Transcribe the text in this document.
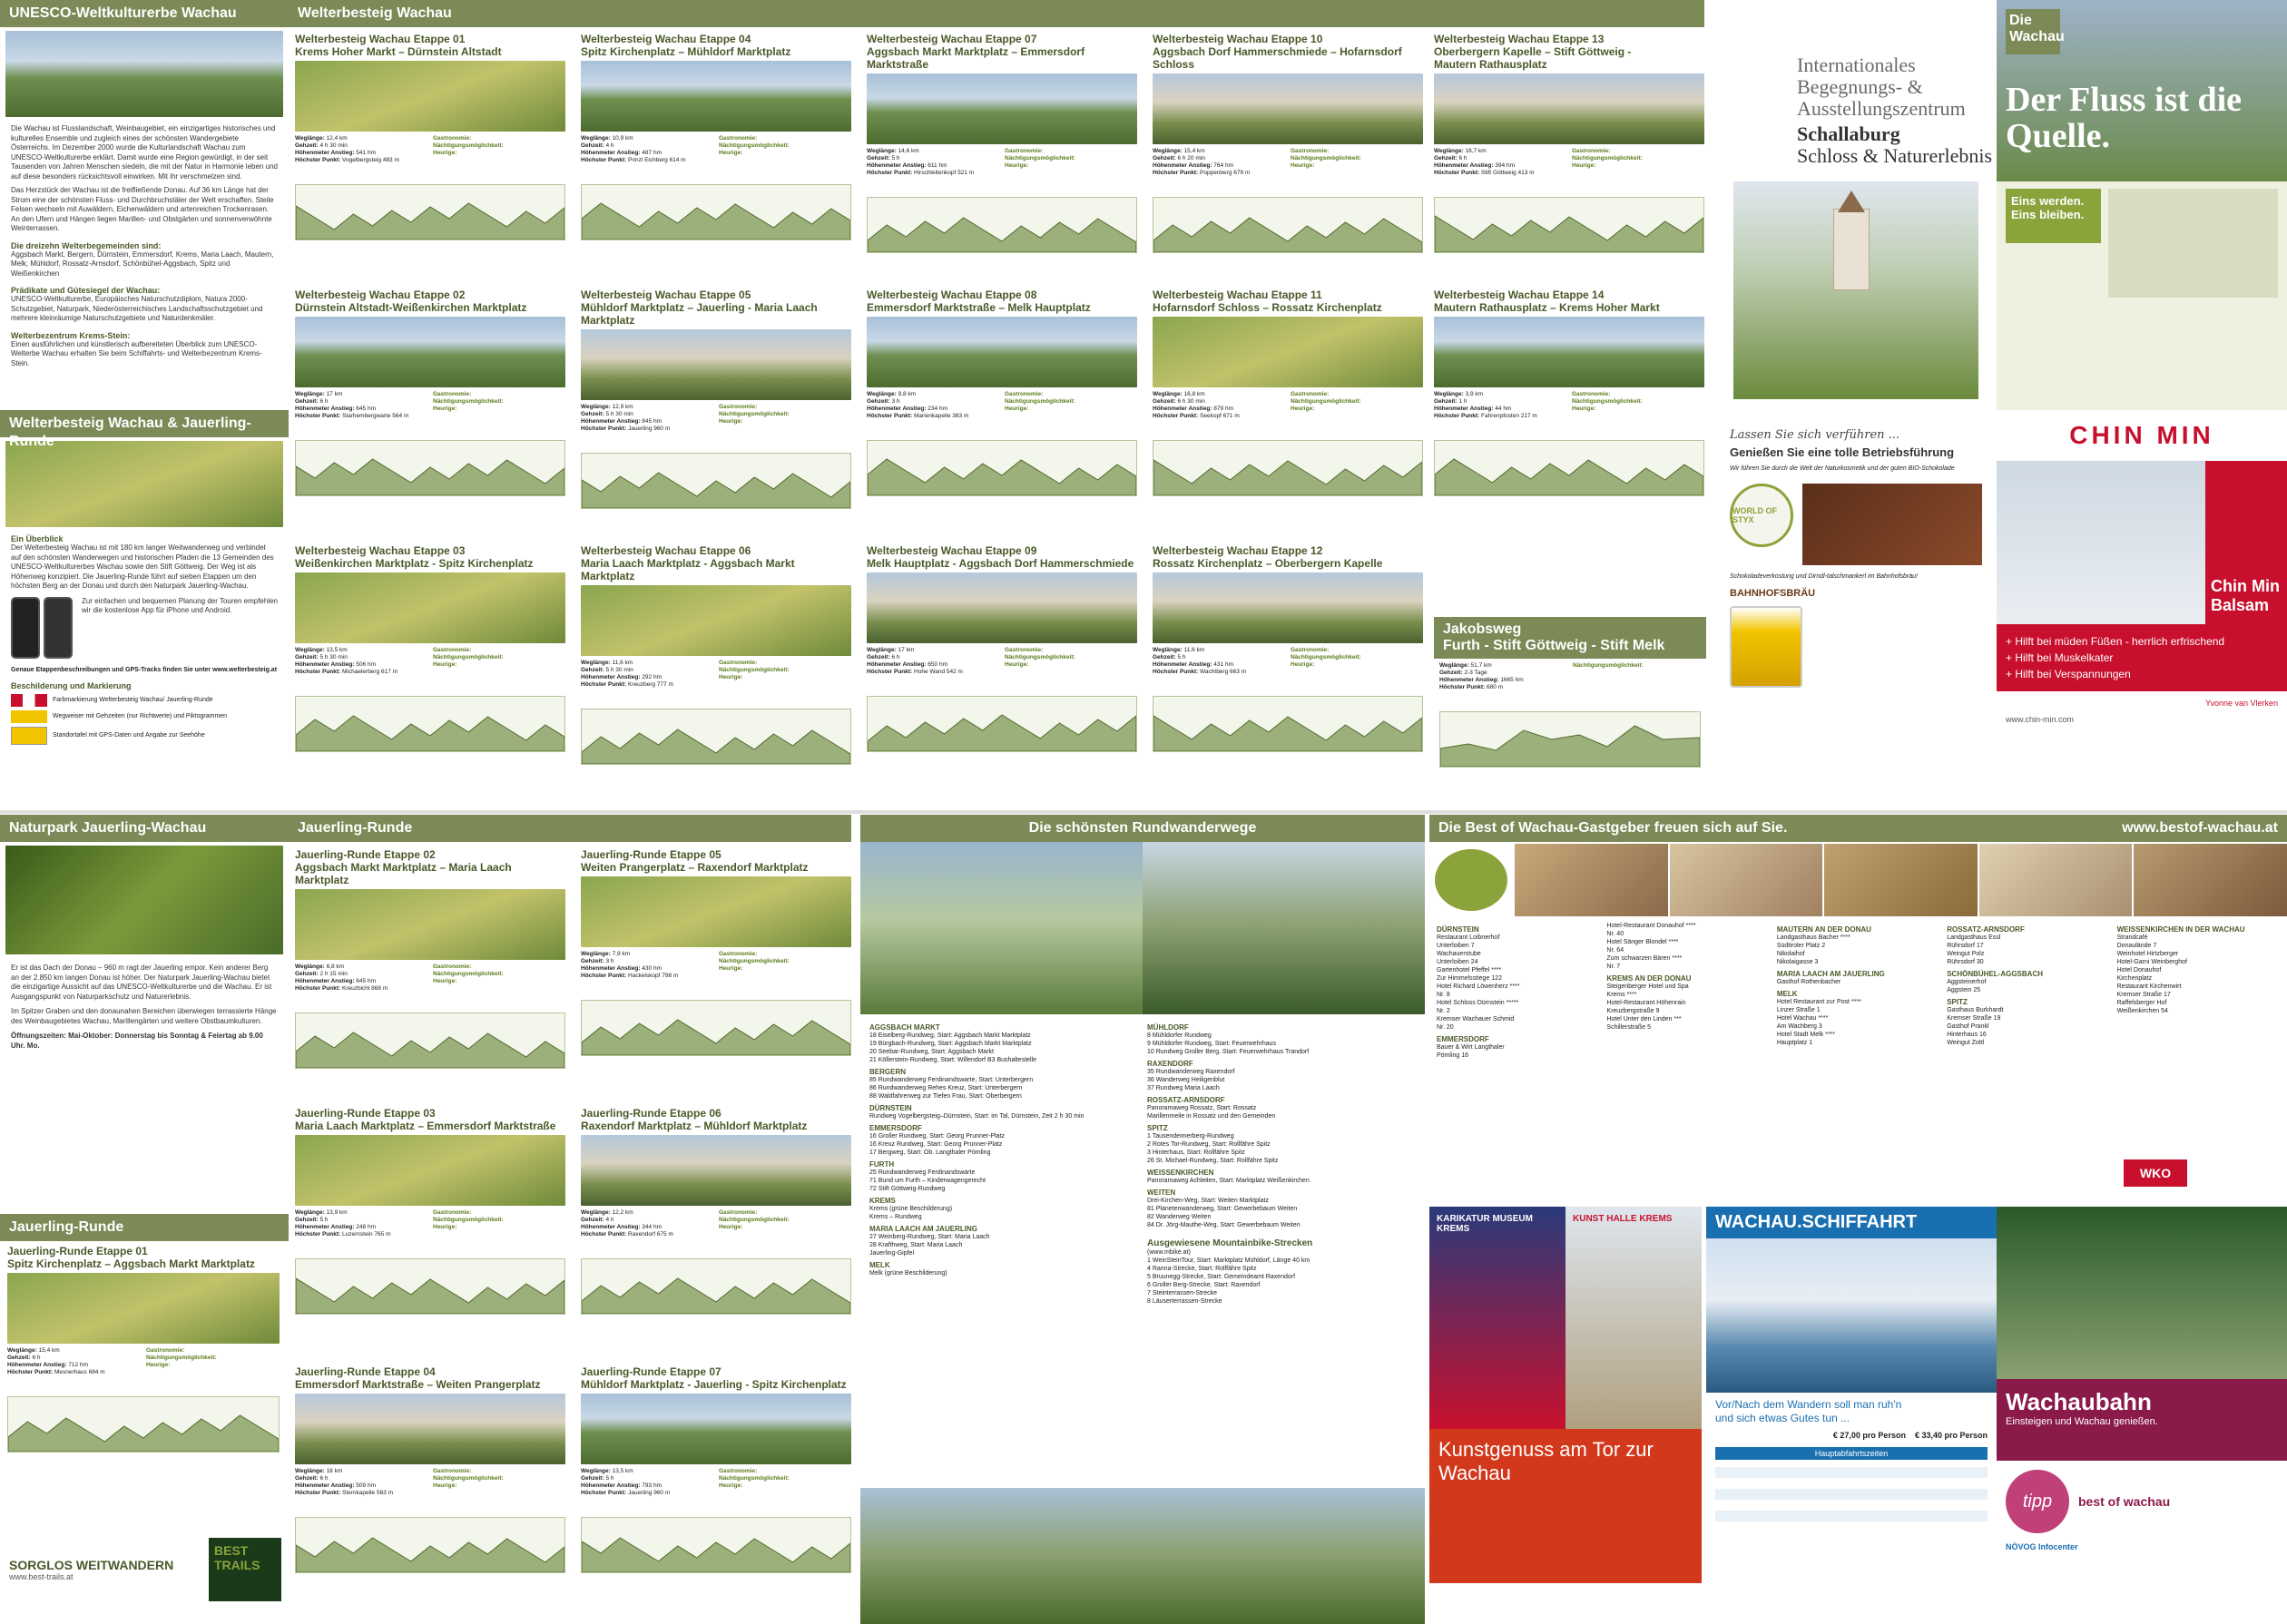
UNESCO-Weltkulturerbe Wachau

Die Wachau ist Flusslandschaft, Weinbaugebiet, ein einzigartiges historisches und kulturelles Ensemble und zugleich eines der schönsten Wandergebiete Österreichs. Im Dezember 2000 wurde die Kulturlandschaft Wachau zum UNESCO-Weltkulturerbe erklärt. Damit wurde eine Region gewürdigt, in der seit Tausenden von Jahren Menschen siedeln, die mit der Natur in Harmonie leben und auf diese besonders rücksichtsvoll einwirken. Mit ihr verschmelzen sind.

Das Herzstück der Wachau ist die freifließende Donau. Auf 36 km Länge hat der Strom eine der schönsten Fluss- und Durchbruchstäler der Welt erschaffen. Steile Felsen wechseln mit Auwäldern, Eichenwäldern und artenreichen Trockenrasen. An den Ufern und Hängen liegen Marillen- und Obstgärten und sonnenverwöhnte Weinterrassen.

Die dreizehn Welterbegemeinden sind:

Aggsbach Markt, Bergern, Dürnstein, Emmersdorf, Krems, Maria Laach, Mautern, Melk, Mühldorf, Rossatz-Arnsdorf, Schönbühel-Aggsbach, Spitz und Weißenkirchen

Prädikate und Gütesiegel der Wachau:

UNESCO-Weltkulturerbe, Europäisches Naturschutzdiplom, Natura 2000-Schutzgebiet, Naturpark, Niederösterreichisches Landschaftsschutzgebiet und mehrere kleinräumige Naturschutzgebiete und Naturdenkmäler.

Welterbezentrum Krems-Stein:

Einen ausführlichen und künstlerisch aufbereiteten Überblick zum UNESCO-Welterbe Wachau erhalten Sie beim Schiffahrts- und Welterbezentrum Krems-Stein.

Welterbesteig Wachau & Jauerling-Runde
Ein Überblick

Der Welterbesteig Wachau ist mit 180 km langer Weitwanderweg und verbindet auf den schönsten Wanderwegen und historischen Pfaden die 13 Gemeinden des UNESCO-Weltkulturerbes Wachau sowie den Stift Göttweig. Der Weg ist als Höhenweg konzipiert. Die Jauerling-Runde führt auf sieben Etappen um den höchsten Berg an der Donau und durch den Naturpark Jauerling-Wachau.

Zur einfachen und bequemen Planung der Touren empfehlen wir die kostenlose App für iPhone und Android.

Genaue Etappenbeschreibungen und GPS-Tracks finden Sie unter www.welterbesteig.at

Beschilderung und Markierung
Farbmarkierung Welterbesteig Wachau/ Jauerling-Runde
Wegweiser mit Gehzeiten (nur Richtwerte) und Piktogrammen
Standortafel mit GPS-Daten und Angabe zur Seehöhe
Welterbesteig Wachau Etappe 01
Krems Hoher Markt – Dürnstein Altstadt
Weglänge: 12,4 km
Gehzeit: 4 h 30 min
Höhenmeter Anstieg: 541 hm
Höchster Punkt: Vogelbergsteig 483 m
Gastronomie:
Nächtigungsmöglichkeit:
Heurige:
Welterbesteig Wachau Etappe 02
Dürnstein Altstadt-Weißenkirchen Marktplatz
Weglänge: 17 km
Gehzeit: 6 h
Höhenmeter Anstieg: 645 hm
Höchster Punkt: Starhembergwarte 564 m
Gastronomie:
Nächtigungsmöglichkeit:
Heurige:
Welterbesteig Wachau Etappe 03
Weißenkirchen Marktplatz - Spitz Kirchenplatz
Weglänge: 13,5 km
Gehzeit: 5 h 30 min
Höhenmeter Anstieg: 506 hm
Höchster Punkt: Michaelerberg 617 m
Gastronomie:
Nächtigungsmöglichkeit:
Heurige:
Welterbesteig Wachau Etappe 04
Spitz Kirchenplatz – Mühldorf Marktplatz
Weglänge: 10,9 km
Gehzeit: 4 h
Höhenmeter Anstieg: 487 hm
Höchster Punkt: Prinzl Eichberg 614 m
Gastronomie:
Nächtigungsmöglichkeit:
Heurige:
Welterbesteig Wachau Etappe 05
Mühldorf Marktplatz – Jauerling - Maria Laach Marktplatz
Weglänge: 12,9 km
Gehzeit: 5 h 30 min
Höhenmeter Anstieg: 845 hm
Höchster Punkt: Jauerling 960 m
Gastronomie:
Nächtigungsmöglichkeit:
Heurige:
Welterbesteig Wachau Etappe 06
Maria Laach Marktplatz - Aggsbach Markt Marktplatz
Weglänge: 11,6 km
Gehzeit: 5 h 30 min
Höhenmeter Anstieg: 292 hm
Höchster Punkt: Kreuzberg 777 m
Gastronomie:
Nächtigungsmöglichkeit:
Heurige:
Welterbesteig Wachau Etappe 07
Aggsbach Markt Marktplatz – Emmersdorf Marktstraße
Weglänge: 14,6 km
Gehzeit: 5 h
Höhenmeter Anstieg: 611 hm
Höchster Punkt: Hirschleitenkopf 521 m
Gastronomie:
Nächtigungsmöglichkeit:
Heurige:
Welterbesteig Wachau Etappe 08
Emmersdorf Marktstraße – Melk Hauptplatz
Weglänge: 9,8 km
Gehzeit: 3 h
Höhenmeter Anstieg: 234 hm
Höchster Punkt: Marienkapelle 383 m
Gastronomie:
Nächtigungsmöglichkeit:
Heurige:
Welterbesteig Wachau Etappe 09
Melk Hauptplatz - Aggsbach Dorf Hammerschmiede
Weglänge: 17 km
Gehzeit: 6 h
Höhenmeter Anstieg: 650 hm
Höchster Punkt: Hohe Wand 542 m
Gastronomie:
Nächtigungsmöglichkeit:
Heurige:
Welterbesteig Wachau Etappe 10
Aggsbach Dorf Hammerschmiede – Hofarnsdorf Schloss
Weglänge: 15,4 km
Gehzeit: 6 h 20 min
Höhenmeter Anstieg: 764 hm
Höchster Punkt: Poppenberg 679 m
Gastronomie:
Nächtigungsmöglichkeit:
Heurige:
Welterbesteig Wachau Etappe 11
Hofarnsdorf Schloss – Rossatz Kirchenplatz
Weglänge: 16,8 km
Gehzeit: 6 h 30 min
Höhenmeter Anstieg: 879 hm
Höchster Punkt: Seekopf 671 m
Gastronomie:
Nächtigungsmöglichkeit:
Heurige:
Welterbesteig Wachau Etappe 12
Rossatz Kirchenplatz – Oberbergern Kapelle
Weglänge: 11,6 km
Gehzeit: 5 h
Höhenmeter Anstieg: 431 hm
Höchster Punkt: Wachtberg 663 m
Gastronomie:
Nächtigungsmöglichkeit:
Heurige:
Welterbesteig Wachau Etappe 13
Oberbergern Kapelle – Stift Göttweig -
Mautern Rathausplatz
Weglänge: 16,7 km
Gehzeit: 6 h
Höhenmeter Anstieg: 394 hm
Höchster Punkt: Stift Göttweig 413 m
Gastronomie:
Nächtigungsmöglichkeit:
Heurige:
Welterbesteig Wachau Etappe 14
Mautern Rathausplatz – Krems Hoher Markt
Weglänge: 3,9 km
Gehzeit: 1 h
Höhenmeter Anstieg: 44 hm
Höchster Punkt: Fahrenpfosten 217 m
Gastronomie:
Nächtigungsmöglichkeit:
Heurige:
Welterbesteig Wachau
Jakobsweg
Furth - Stift Göttweig - Stift Melk
Weglänge: 51,7 km
Gehzeit: 2-3 Tage
Höhenmeter Anstieg: 1665 hm
Höchster Punkt: 680 m
Nächtigungsmöglichkeit:
Internationales
Begegnungs- &
Ausstellungszentrum
Schallaburg
Schloss & Naturerlebnis
Die Wachau
Der Fluss ist die Quelle.
Eins werden. Eins bleiben.
Lassen Sie sich verführen ...
Genießen Sie eine tolle Betriebsführung
Wir führen Sie durch die Welt der Naturkosmetik und der guten BIO-Schokolade
WORLD OF STYX
Schokoladeverkostung und Dirndl-talschmankerl im Bahnhofsbräu!
BAHNHOFSBRÄU
CHIN MIN
Chin Min
Balsam
+ Hilft bei müden Füßen - herrlich erfrischend
+ Hilft bei Muskelkater
+ Hilft bei Verspannungen
Yvonne van Vlerken
www.chin-min.com
Naturpark Jauerling-Wachau

Er ist das Dach der Donau – 960 m ragt der Jauerling empor. Kein anderer Berg an der 2.850 km langen Donau ist höher. Der Naturpark Jauerling-Wachau bietet die einzigartige Aussicht auf das UNESCO-Weltkulturerbe und die Wachau. Er ist Ausgangspunkt von Naturparkschutz und Naturerlebnis.

Im Spitzer Graben und den donaunahen Bereichen überwiegen terrassierte Hänge des Weinbaugebietes Wachau, Marillengärten und weitere Obstbaumkulturen.

Öffnungszeiten: Mai-Oktober: Donnerstag bis Sonntag & Feiertag ab 9.00 Uhr. Mo.

Jauerling-Runde
Jauerling-Runde
Jauerling-Runde Etappe 01
Spitz Kirchenplatz – Aggsbach Markt Marktplatz
Weglänge: 15,4 km
Gehzeit: 6 h
Höhenmeter Anstieg: 712 hm
Höchster Punkt: Mesnerhaus 684 m
Gastronomie:
Nächtigungsmöglichkeit:
Heurige:
Jauerling-Runde Etappe 02
Aggsbach Markt Marktplatz – Maria Laach Marktplatz
Weglänge: 6,8 km
Gehzeit: 2 h 15 min
Höhenmeter Anstieg: 645 hm
Höchster Punkt: Kreuzbichl 868 m
Gastronomie:
Nächtigungsmöglichkeit:
Heurige:
Jauerling-Runde Etappe 03
Maria Laach Marktplatz – Emmersdorf Marktstraße
Weglänge: 13,9 km
Gehzeit: 5 h
Höhenmeter Anstieg: 248 hm
Höchster Punkt: Luzernstein 765 m
Gastronomie:
Nächtigungsmöglichkeit:
Heurige:
Jauerling-Runde Etappe 04
Emmersdorf Marktstraße – Weiten Prangerplatz
Weglänge: 18 km
Gehzeit: 6 h
Höhenmeter Anstieg: 509 hm
Höchster Punkt: Sternkapelle 563 m
Gastronomie:
Nächtigungsmöglichkeit:
Heurige:
Jauerling-Runde Etappe 05
Weiten Prangerplatz – Raxendorf Marktplatz
Weglänge: 7,9 km
Gehzeit: 3 h
Höhenmeter Anstieg: 430 hm
Höchster Punkt: Hackelskopf 798 m
Gastronomie:
Nächtigungsmöglichkeit:
Heurige:
Jauerling-Runde Etappe 06
Raxendorf Marktplatz – Mühldorf Marktplatz
Weglänge: 12,2 km
Gehzeit: 4 h
Höhenmeter Anstieg: 344 hm
Höchster Punkt: Raxendorf 675 m
Gastronomie:
Nächtigungsmöglichkeit:
Heurige:
Jauerling-Runde Etappe 07
Mühldorf Marktplatz - Jauerling - Spitz Kirchenplatz
Weglänge: 13,5 km
Gehzeit: 5 h
Höhenmeter Anstieg: 793 hm
Höchster Punkt: Jauerling 960 m
Gastronomie:
Nächtigungsmöglichkeit:
Heurige:
SORGLOS WEITWANDERN
www.best-trails.at
BEST TRAILS
Die schönsten Rundwanderwege
AGGSBACH MARKT
18 Eiselberg-Rundweg, Start: Aggsbach Markt Marktplatz
19 Bürgbach-Rundweg, Start: Aggsbach Markt Marktplatz
20 Seebar-Rundweg, Start: Aggsbach Markt
21 Köllerstein-Rundweg, Start: Willendorf B3 Bushaltestelle
BERGERN
85 Rundwanderweg Ferdinandswarte, Start: Unterbergern
86 Rundwanderweg Rehes Kreuz, Start: Unterbergern
88 Waldfahrerweg zur Tiefen Frau, Start: Oberbergern
DÜRNSTEIN
Rundweg Vogelbergsteig–Dürnstein, Start: im Tal, Dürnstein, Zeit 2 h 30 min
EMMERSDORF
16 Groller Rundweg, Start: Georg Prunner-Platz
16 Kreuz Rundweg, Start: Georg Prunner-Platz
17 Bergweg, Start: Ob. Langthaler Pömling
FURTH
25 Rundwanderweg Ferdinandswarte
71 Bund um Furth – Kinderwagengerecht
72 Stift Göttweig-Rundweg
KREMS
Krems (grüne Beschilderung)
Krems – Rundweg
MARIA LAACH AM JAUERLING
27 Weinberg-Rundweg, Start: Maria Laach
28 Krafthweg, Start: Maria Laach
Jauerling-Gipfel
MELK
Melk (grüne Beschilderung)
MÜHLDORF
8 Mühldorfer Rundweg
9 Mühldorfer Rundweg, Start: Feuerwehrhaus
10 Rundweg Groller Berg, Start: Feuerwehrhaus Trandorf
RAXENDORF
35 Rundwanderweg Raxendorf
36 Wanderweg Heiligenblut
37 Rundweg Maria Laach
ROSSATZ-ARNSDORF
Panoramaweg Rossatz, Start: Rossatz
Marillenmeile in Rossatz und den Gemeinden
SPITZ
1 Tausendeimerberg-Rundweg
2 Rotes Tor-Rundweg, Start: Rollfähre Spitz
3 Hinterhaus, Start: Rollfähre Spitz
26 St. Michael-Rundweg, Start: Rollfähre Spitz
WEISSENKIRCHEN
Panoramaweg Achleiten, Start: Marktplatz Weißenkirchen
WEITEN
Drei-Kirchen-Weg, Start: Weiten Marktplatz
81 Planetenwanderweg, Start: Gewerbebaum Weiten
82 Wanderweg Weiten
84 Dr. Jörg-Mauthe-Weg, Start: Gewerbebaum Weiten
Ausgewiesene Mountainbike-Strecken
(www.mbike.at)
1 WeinSteinTour, Start: Marktplatz Mühldorf, Länge 40 km
4 Ranna-Strecke, Start: Rollfähre Spitz
5 Bruunegg-Strecke, Start: Gemeindeamt Raxendorf
6 Groller Berg-Strecke, Start: Raxendorf
7 Steinterrassen-Strecke
8 Läuserterrassen-Strecke
Die Best of Wachau-Gastgeber freuen sich auf Sie.	www.bestof-wachau.at
DÜRNSTEIN
Restaurant Loibnerhof
Unterloiben 7
Wachauerstube
Unterloiben 24
Gartenhotel Pfeffel ****
Zur Himmelsstiege 122
Hotel Richard Löwenherz ****
Nr. 8
Hotel Schloss Dürnstein *****
Nr. 2
Kremser Wachauer Schmid
Nr. 20
EMMERSDORF
Bauer & Wirt Langthaler
Pömling 16
Hotel-Restaurant Donauhof ****
Nr. 40
Hotel Sänger Blondel ****
Nr. 64
Zum schwarzen Bären ****
Nr. 7
KREMS AN DER DONAU
Steigenberger Hotel und Spa
Krems ****
Hotel-Restaurant Höhenrain
Kreuzbergstraße 9
Hotel Unter den Linden ***
Schillerstraße 5
MAUTERN AN DER DONAU
Landgasthaus Bacher ****
Südtiroler Platz 2
Nikolaihof
Nikolaigasse 3
MARIA LAACH AM JAUERLING
Gasthof Rothenbacher
MELK
Hotel Restaurant zur Post ****
Linzer Straße 1
Hotel Wachau ****
Am Wachberg 3
Hotel Stadt Melk ****
Hauptplatz 1
ROSSATZ-ARNSDORF
Landgasthaus Essl
Rührsdorf 17
Weingut Polz
Rührsdorf 30
SCHÖNBÜHEL-AGGSBACH
Aggsteinerhof
Aggstein 25
SPITZ
Gasthaus Burkhardt
Kremser Straße 19
Gasthof Prankl
Hinterhaus 16
Weingut Zottl
WEISSENKIRCHEN IN DER WACHAU
Strandcafé
Donaulände 7
Weinhotel Hirtzberger
Hotel-Garni Weinberghof
Hotel Donauhof
Kirchenplatz
Restaurant Kirchenwirt
Kremser Straße 17
Raffelsberger Hof
Weißenkirchen 54
WKO
KARIKATUR MUSEUM KREMS
KUNST HALLE KREMS
Kunstgenuss am Tor zur Wachau
WACHAU.SCHIFFAHRT
Vor/Nach dem Wandern soll man ruh'n
und sich etwas Gutes tun ...
€ 27,00 pro Person € 33,40 pro Person
Hauptabfahrtszeiten
Wachaubahn
Einsteigen und Wachau genießen.
tipp	best of wachau
NÖVOG Infocenter
